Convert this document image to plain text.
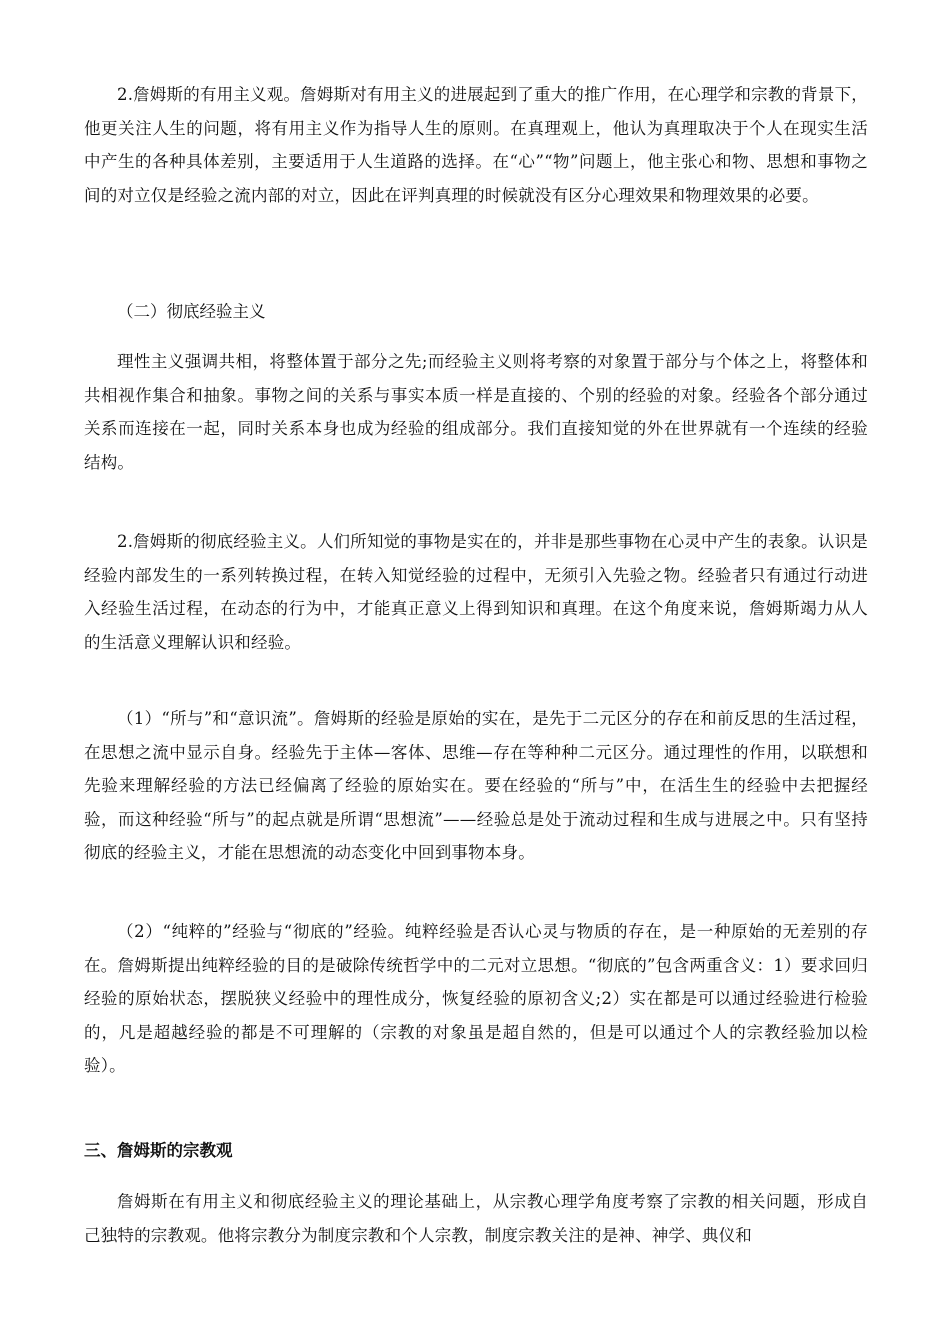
2.詹姆斯的有用主义观。詹姆斯对有用主义的进展起到了重大的推广作用，在心理学和宗教的背景下，他更关注人生的问题，将有用主义作为指导人生的原则。在真理观上，他认为真理取决于个人在现实生活中产生的各种具体差别，主要适用于人生道路的选择。在“心”“物”问题上，他主张心和物、思想和事物之间的对立仅是经验之流内部的对立，因此在评判真理的时候就没有区分心理效果和物理效果的必要。

（二）彻底经验主义

理性主义强调共相，将整体置于部分之先;而经验主义则将考察的对象置于部分与个体之上，将整体和共相视作集合和抽象。事物之间的关系与事实本质一样是直接的、个别的经验的对象。经验各个部分通过关系而连接在一起，同时关系本身也成为经验的组成部分。我们直接知觉的外在世界就有一个连续的经验结构。

2.詹姆斯的彻底经验主义。人们所知觉的事物是实在的，并非是那些事物在心灵中产生的表象。认识是经验内部发生的一系列转换过程，在转入知觉经验的过程中，无须引入先验之物。经验者只有通过行动进入经验生活过程，在动态的行为中，才能真正意义上得到知识和真理。在这个角度来说，詹姆斯竭力从人的生活意义理解认识和经验。

（1）“所与”和“意识流”。詹姆斯的经验是原始的实在，是先于二元区分的存在和前反思的生活过程，在思想之流中显示自身。经验先于主体—客体、思维—存在等种种二元区分。通过理性的作用，以联想和先验来理解经验的方法已经偏离了经验的原始实在。要在经验的“所与”中，在活生生的经验中去把握经验，而这种经验“所与”的起点就是所谓“思想流”——经验总是处于流动过程和生成与进展之中。只有坚持彻底的经验主义，才能在思想流的动态变化中回到事物本身。

（2）“纯粹的”经验与“彻底的”经验。纯粹经验是否认心灵与物质的存在，是一种原始的无差别的存在。詹姆斯提出纯粹经验的目的是破除传统哲学中的二元对立思想。“彻底的”包含两重含义：1）要求回归经验的原始状态，摆脱狭义经验中的理性成分，恢复经验的原初含义;2）实在都是可以通过经验进行检验的，凡是超越经验的都是不可理解的（宗教的对象虽是超自然的，但是可以通过个人的宗教经验加以检验）。

三、詹姆斯的宗教观

詹姆斯在有用主义和彻底经验主义的理论基础上，从宗教心理学角度考察了宗教的相关问题，形成自己独特的宗教观。他将宗教分为制度宗教和个人宗教，制度宗教关注的是神、神学、典仪和
